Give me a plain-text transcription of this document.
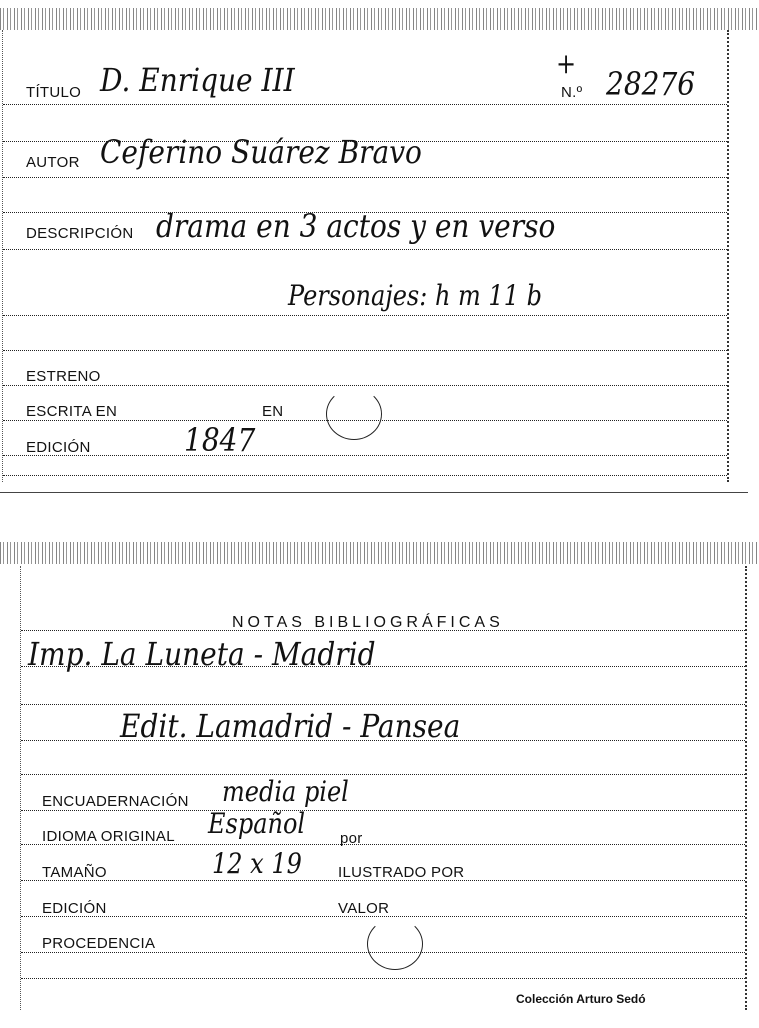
TÍTULO D. Enrique III	+
N.º 28276
AUTOR Ceferino Suárez Bravo
DESCRIPCIÓN drama en 3 actos y en verso
Personajes: h m 11 b
ESTRENO
ESCRITA EN	EN
EDICIÓN	1847
NOTAS BIBLIOGRÁFICAS
Imp. La Luneta - Madrid
Edit. Lamadrid - Pansea
ENCUADERNACIÓN media piel
IDIOMA ORIGINAL Español por
TAMAÑO	12 x 19 ILUSTRADO POR
EDICIÓN	VALOR
PROCEDENCIA
Colección Arturo Sedó
